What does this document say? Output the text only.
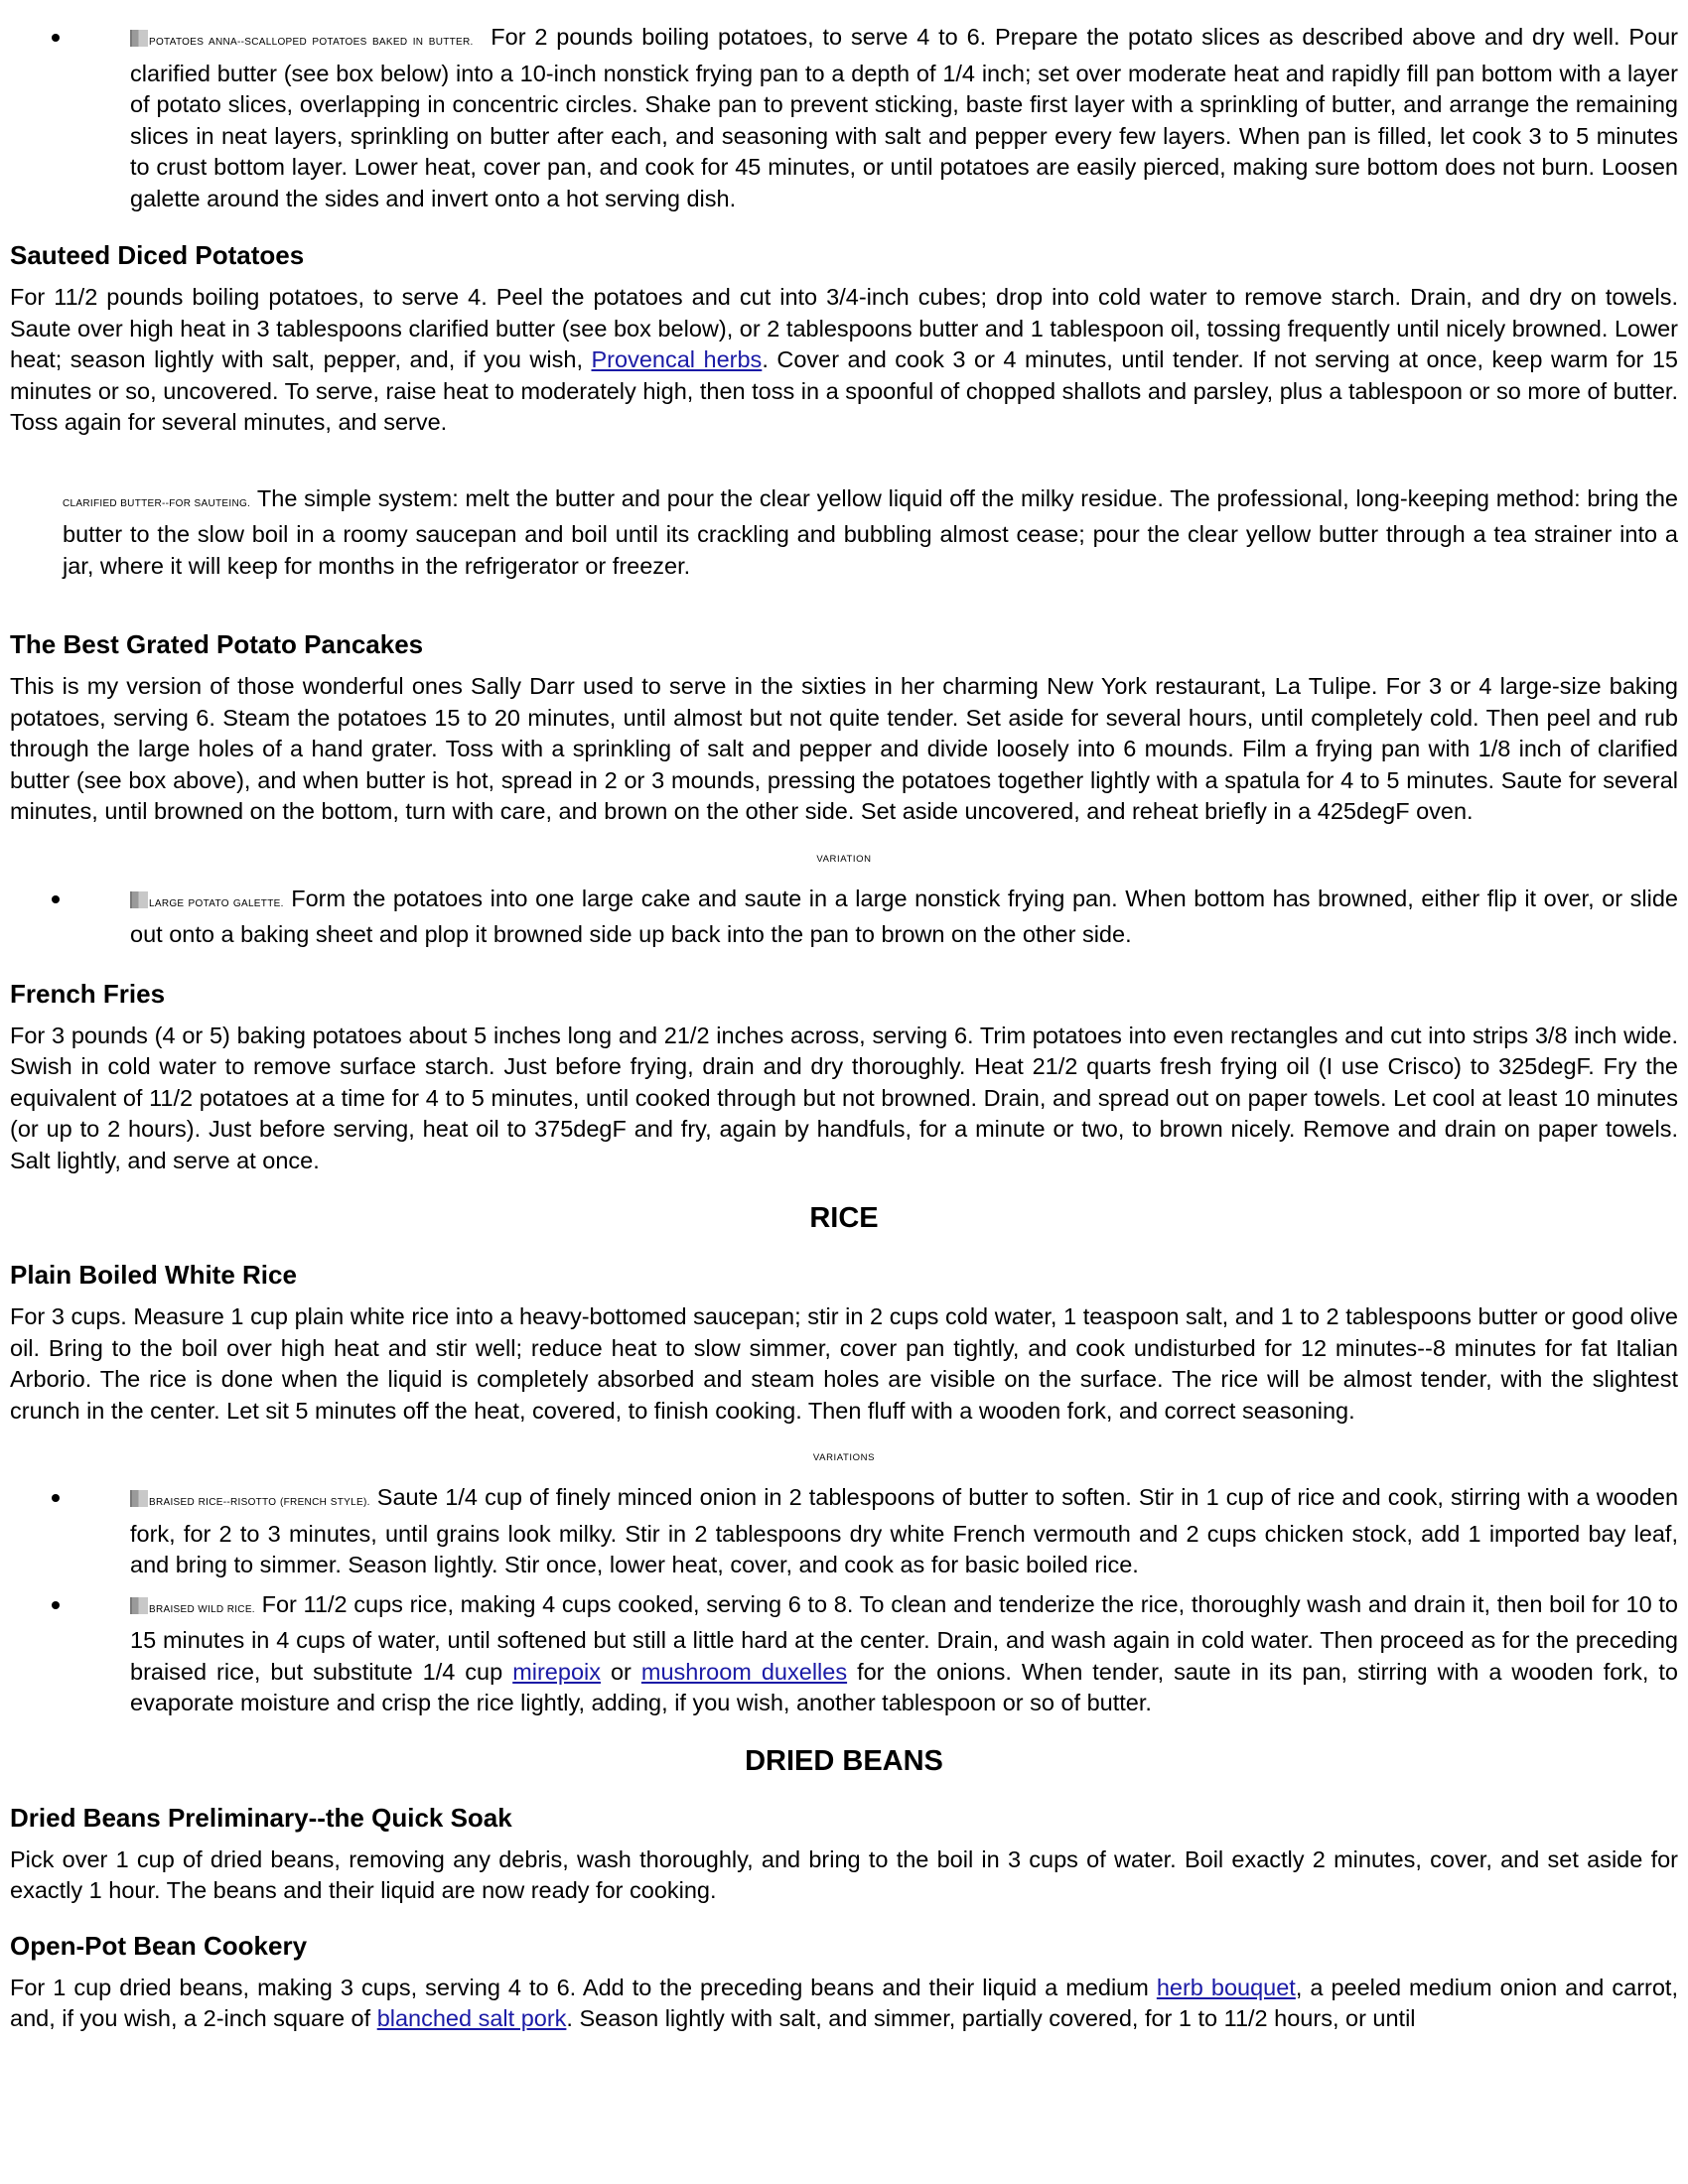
POTATOES ANNA--SCALLOPED POTATOES BAKED IN BUTTER. For 2 pounds boiling potatoes, to serve 4 to 6. Prepare the potato slices as described above and dry well. Pour clarified butter (see box below) into a 10-inch nonstick frying pan to a depth of 1/4 inch; set over moderate heat and rapidly fill pan bottom with a layer of potato slices, overlapping in concentric circles. Shake pan to prevent sticking, baste first layer with a sprinkling of butter, and arrange the remaining slices in neat layers, sprinkling on butter after each, and seasoning with salt and pepper every few layers. When pan is filled, let cook 3 to 5 minutes to crust bottom layer. Lower heat, cover pan, and cook for 45 minutes, or until potatoes are easily pierced, making sure bottom does not burn. Loosen galette around the sides and invert onto a hot serving dish.

Sauteed Diced Potatoes

For 11/2 pounds boiling potatoes, to serve 4. Peel the potatoes and cut into 3/4-inch cubes; drop into cold water to remove starch. Drain, and dry on towels. Saute over high heat in 3 tablespoons clarified butter (see box below), or 2 tablespoons butter and 1 tablespoon oil, tossing frequently until nicely browned. Lower heat; season lightly with salt, pepper, and, if you wish, Provencal herbs. Cover and cook 3 or 4 minutes, until tender. If not serving at once, keep warm for 15 minutes or so, uncovered. To serve, raise heat to moderately high, then toss in a spoonful of chopped shallots and parsley, plus a tablespoon or so more of butter. Toss again for several minutes, and serve.

CLARIFIED BUTTER--FOR SAUTEING. The simple system: melt the butter and pour the clear yellow liquid off the milky residue. The professional, long-keeping method: bring the butter to the slow boil in a roomy saucepan and boil until its crackling and bubbling almost cease; pour the clear yellow butter through a tea strainer into a jar, where it will keep for months in the refrigerator or freezer.

The Best Grated Potato Pancakes

This is my version of those wonderful ones Sally Darr used to serve in the sixties in her charming New York restaurant, La Tulipe. For 3 or 4 large-size baking potatoes, serving 6. Steam the potatoes 15 to 20 minutes, until almost but not quite tender. Set aside for several hours, until completely cold. Then peel and rub through the large holes of a hand grater. Toss with a sprinkling of salt and pepper and divide loosely into 6 mounds. Film a frying pan with 1/8 inch of clarified butter (see box above), and when butter is hot, spread in 2 or 3 mounds, pressing the potatoes together lightly with a spatula for 4 to 5 minutes. Saute for several minutes, until browned on the bottom, turn with care, and brown on the other side. Set aside uncovered, and reheat briefly in a 425degF oven.

VARIATION

LARGE POTATO GALETTE. Form the potatoes into one large cake and saute in a large nonstick frying pan. When bottom has browned, either flip it over, or slide out onto a baking sheet and plop it browned side up back into the pan to brown on the other side.

French Fries

For 3 pounds (4 or 5) baking potatoes about 5 inches long and 21/2 inches across, serving 6. Trim potatoes into even rectangles and cut into strips 3/8 inch wide. Swish in cold water to remove surface starch. Just before frying, drain and dry thoroughly. Heat 21/2 quarts fresh frying oil (I use Crisco) to 325degF. Fry the equivalent of 11/2 potatoes at a time for 4 to 5 minutes, until cooked through but not browned. Drain, and spread out on paper towels. Let cool at least 10 minutes (or up to 2 hours). Just before serving, heat oil to 375degF and fry, again by handfuls, for a minute or two, to brown nicely. Remove and drain on paper towels. Salt lightly, and serve at once.

RICE
Plain Boiled White Rice

For 3 cups. Measure 1 cup plain white rice into a heavy-bottomed saucepan; stir in 2 cups cold water, 1 teaspoon salt, and 1 to 2 tablespoons butter or good olive oil. Bring to the boil over high heat and stir well; reduce heat to slow simmer, cover pan tightly, and cook undisturbed for 12 minutes--8 minutes for fat Italian Arborio. The rice is done when the liquid is completely absorbed and steam holes are visible on the surface. The rice will be almost tender, with the slightest crunch in the center. Let sit 5 minutes off the heat, covered, to finish cooking. Then fluff with a wooden fork, and correct seasoning.

VARIATIONS

BRAISED RICE--RISOTTO (FRENCH STYLE). Saute 1/4 cup of finely minced onion in 2 tablespoons of butter to soften. Stir in 1 cup of rice and cook, stirring with a wooden fork, for 2 to 3 minutes, until grains look milky. Stir in 2 tablespoons dry white French vermouth and 2 cups chicken stock, add 1 imported bay leaf, and bring to simmer. Season lightly. Stir once, lower heat, cover, and cook as for basic boiled rice.

BRAISED WILD RICE. For 11/2 cups rice, making 4 cups cooked, serving 6 to 8. To clean and tenderize the rice, thoroughly wash and drain it, then boil for 10 to 15 minutes in 4 cups of water, until softened but still a little hard at the center. Drain, and wash again in cold water. Then proceed as for the preceding braised rice, but substitute 1/4 cup mirepoix or mushroom duxelles for the onions. When tender, saute in its pan, stirring with a wooden fork, to evaporate moisture and crisp the rice lightly, adding, if you wish, another tablespoon or so of butter.

DRIED BEANS
Dried Beans Preliminary--the Quick Soak

Pick over 1 cup of dried beans, removing any debris, wash thoroughly, and bring to the boil in 3 cups of water. Boil exactly 2 minutes, cover, and set aside for exactly 1 hour. The beans and their liquid are now ready for cooking.

Open-Pot Bean Cookery

For 1 cup dried beans, making 3 cups, serving 4 to 6. Add to the preceding beans and their liquid a medium herb bouquet, a peeled medium onion and carrot, and, if you wish, a 2-inch square of blanched salt pork. Season lightly with salt, and simmer, partially covered, for 1 to 11/2 hours, or until
